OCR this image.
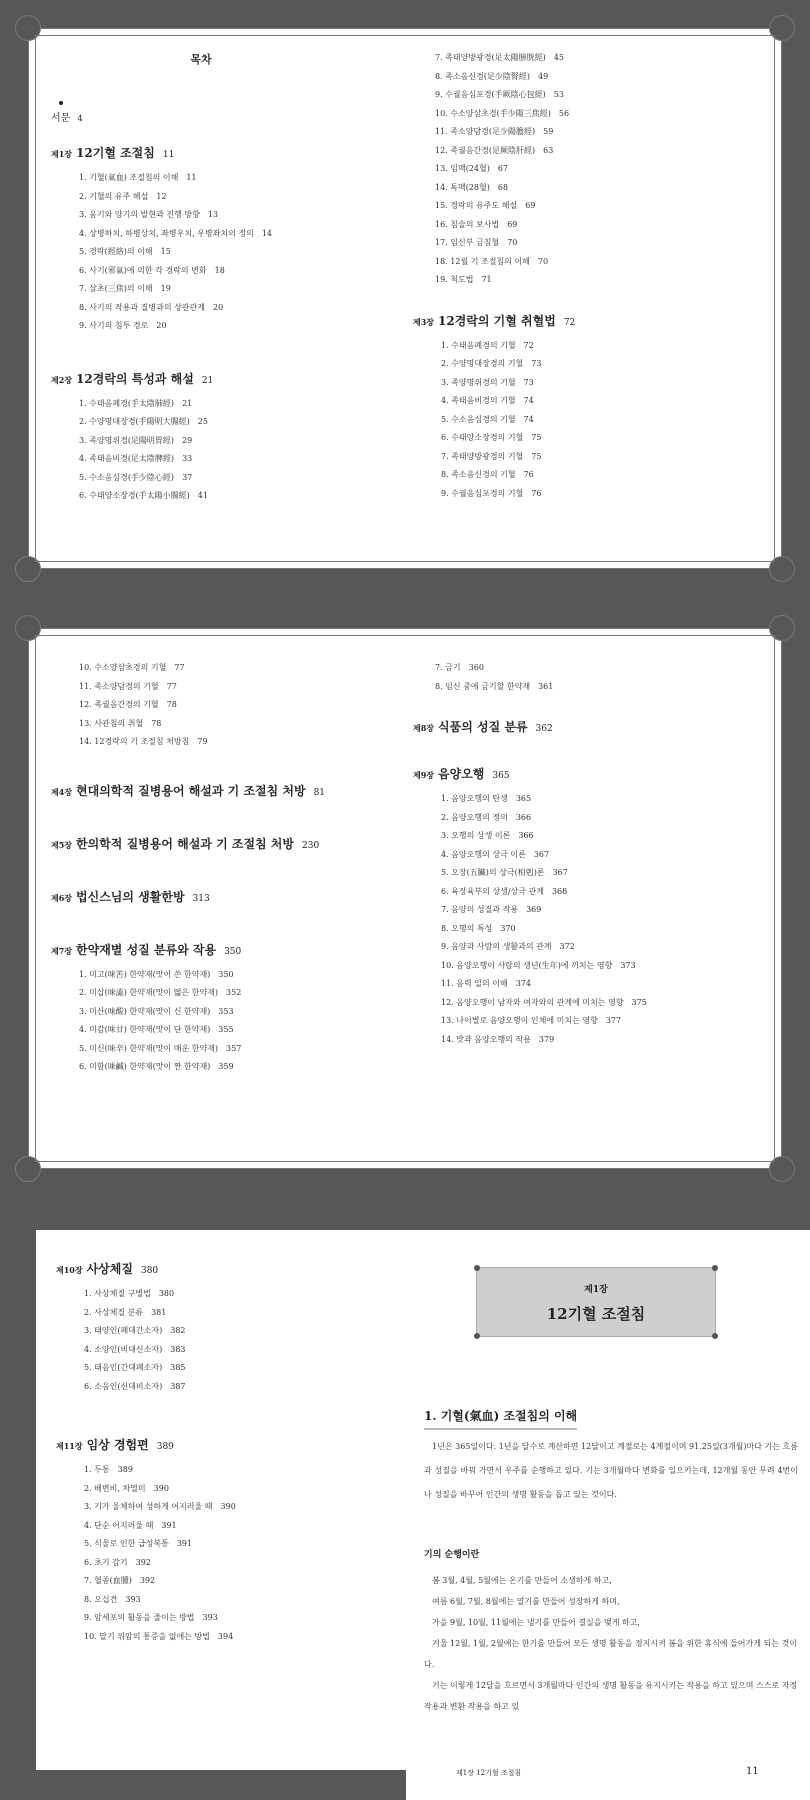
목차
서문 4
제1장 12기혈 조절침 11
1. 기혈(氣血) 조절침의 이해 11
2. 기혈의 유주 해설 12
3. 음기와 양기의 발현과 진행 방향 13
4. 상병하치, 하병상치, 좌병우치, 우병좌치의 정의 14
5. 경락(經絡)의 이해 15
6. 사기(邪氣)에 의한 각 경락의 변화 18
7. 삼초(三焦)의 이해 19
8. 사기의 작용과 질병과의 상관관계 20
9. 사기의 침투 경로 20
제2장 12경락의 특성과 해설 21
1. 수태음폐경(手太陰肺經) 21
2. 수양명대장경(手陽明大腸經) 25
3. 족양명위경(足陽明胃經) 29
4. 족태음비경(足太陰脾經) 33
5. 수소음심경(手少陰心經) 37
6. 수태양소장경(手太陽小腸經) 41
7. 족태양방광경(足太陽膀胱經) 45
8. 족소음신경(足少陰腎經) 49
9. 수궐음심포경(手厥陰心包經) 53
10. 수소양삼초경(手少陽三焦經) 56
11. 족소양담경(足少陽膽經) 59
12. 족궐음간경(足厥陰肝經) 63
13. 임맥(24혈) 67
14. 독맥(28혈) 68
15. 경락의 유주도 해설 69
16. 침술의 보사법 69
17. 임신부 금침혈 70
18. 12월 기 조절침의 이해 70
19. 척도법 71
제3장 12경락의 기혈 취혈법 72
1. 수태음폐경의 기혈 72
2. 수양명대장경의 기혈 73
3. 족양명위경의 기혈 73
4. 족태음비경의 기혈 74
5. 수소음심경의 기혈 74
6. 수태양소장경의 기혈 75
7. 족태양방광경의 기혈 75
8. 족소음신경의 기혈 76
9. 수궐음심포경의 기혈 76
10. 수소양삼초경의 기혈 77
11. 족소양담경의 기혈 77
12. 족궐음간경의 기혈 78
13. 사관침의 취혈 78
14. 12경락의 기 조절침 처방침 79
제4장 현대의학적 질병용어 해설과 기 조절침 처방 81
제5장 한의학적 질병용어 해설과 기 조절침 처방 230
제6장 법신스님의 생활한방 313
제7장 한약재별 성질 분류와 작용 350
1. 미고(味苦) 한약재(맛이 쓴 한약재) 350
2. 미삽(味澁) 한약재(맛이 떫은 한약재) 352
3. 미산(味酸) 한약재(맛이 신 한약재) 353
4. 미감(味甘) 한약재(맛이 단 한약재) 355
5. 미신(味辛) 한약재(맛이 매운 한약재) 357
6. 미함(味鹹) 한약재(맛이 짠 한약재) 359
7. 금기 360
8. 임신 중에 금기할 한약재 361
제8장 식품의 성질 분류 362
제9장 음양오행 365
1. 음양오행의 탄생 365
2. 음양오행의 정의 366
3. 오행의 상생 이론 366
4. 음양오행의 상극 이론 367
5. 오장(五臟)의 상극(相剋)론 367
6. 육장육부의 상생/상극 관계 368
7. 음양의 성질과 작용 369
8. 오행의 특성 370
9. 음양과 사람의 생활과의 관계 372
10. 음양오행이 사람의 생년(生年)에 끼치는 영향 373
11. 음력 일의 이해 374
12. 음양오행이 남자와 여자와의 관계에 미치는 영향 375
13. 나이별로 음양오행이 인체에 미치는 영향 377
14. 맛과 음양오행의 작용 379
제10장 사상체질 380
1. 사상체질 구별법 380
2. 사상체질 분류 381
3. 태양인(폐대간소자) 382
4. 소양인(비대신소자) 383
5. 태음인(간대폐소자) 385
6. 소음인(신대비소자) 387
제11장 임상 경험편 389
1. 두통 389
2. 배변비, 차멀미 390
3. 기가 울체하여 성하게 어지러울 때 390
4. 단순 어지러울 때 391
5. 식울로 인한 급성복통 391
6. 초기 감기 392
7. 혈종(血腫) 392
8. 오십견 393
9. 암세포의 활동을 줄이는 방법 393
10. 말기 위암의 통증을 없애는 방법 394
제1장
12기혈 조절침
1. 기혈(氣血) 조절침의 이해

1년은 365일이다. 1년을 달수로 계산하면 12달이고 계절로는 4계절이며 91.25일(3개월)마다 기는 흐름과 성질을 바꿔 가면서 우주를 순행하고 있다. 기는 3개월마다 변화를 일으키는데, 12개월 동안 무려 4번이나 성질을 바꾸어 인간의 생명 활동을 돕고 있는 것이다.

기의 순행이란

봄 3월, 4월, 5월에는 온기를 만들어 소생하게 하고,

여름 6월, 7월, 8월에는 열기를 만들어 성장하게 하며,

가을 9월, 10월, 11월에는 냉기를 만들어 결실을 맺게 하고,

겨울 12월, 1월, 2월에는 한기를 만들어 모든 생명 활동을 정지시켜 봄을 위한 휴식에 들어가게 되는 것이다.

기는 이렇게 12달을 흐르면서 3개월마다 인간의 생명 활동을 유지시키는 작용을 하고 있으며 스스로 자정 작용과 변환 작용을 하고 있

제1장 12기혈 조절침	11
